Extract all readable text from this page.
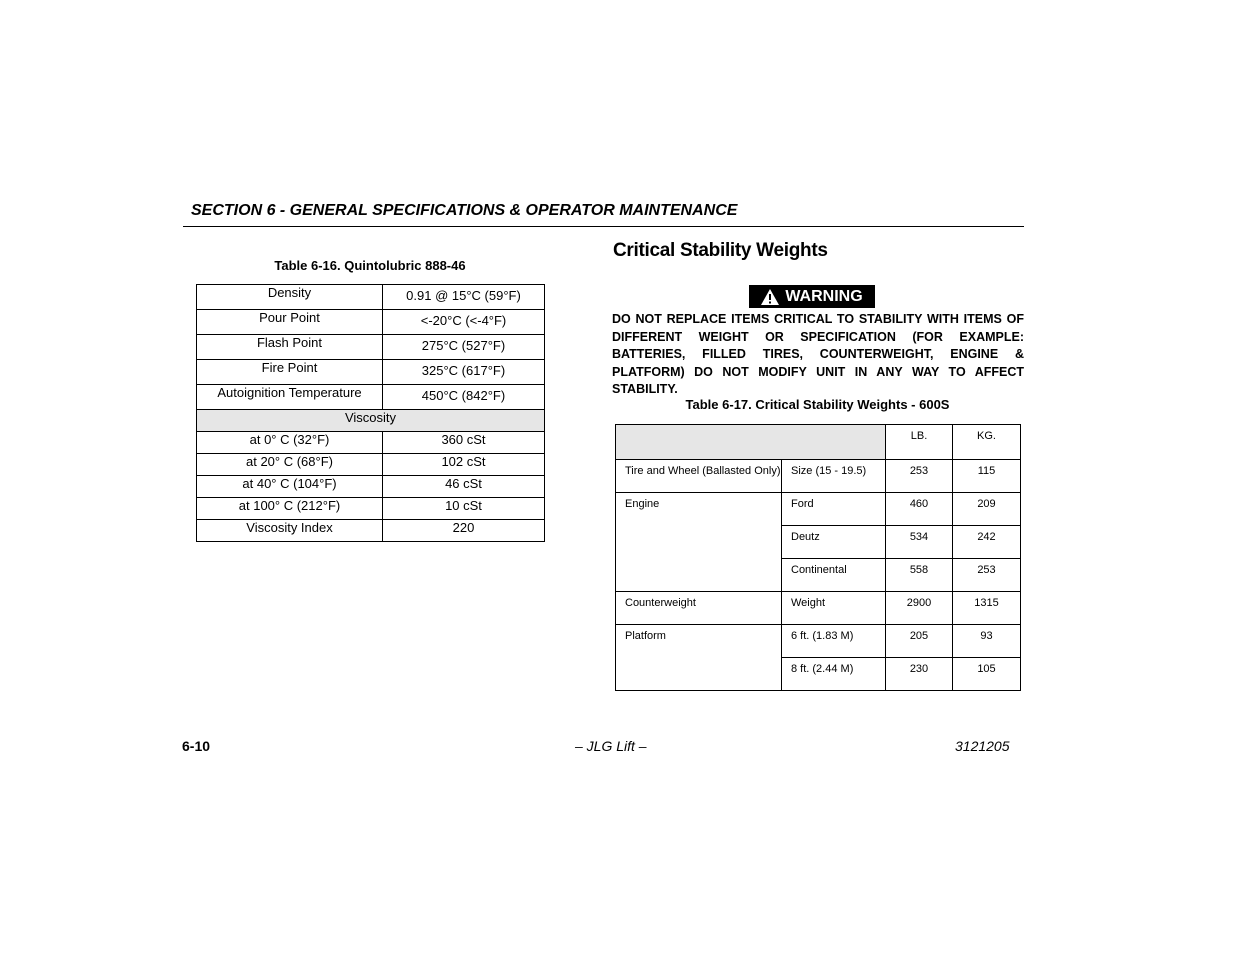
SECTION 6 - GENERAL SPECIFICATIONS & OPERATOR MAINTENANCE
Table 6-16. Quintolubric 888-46
Density	0.91 @ 15°C (59°F)
Pour Point	<-20°C (<-4°F)
Flash Point	275°C (527°F)
Fire Point	325°C (617°F)
Autoignition Temperature	450°C (842°F)
Viscosity	
at 0° C (32°F)	360 cSt
at 20° C (68°F)	102 cSt
at 40° C (104°F)	46 cSt
at 100° C (212°F)	10 cSt
Viscosity Index	220
Critical Stability Weights
WARNING
DO NOT REPLACE ITEMS CRITICAL TO STABILITY WITH ITEMS OF DIFFERENT WEIGHT OR SPECIFICATION (FOR EXAMPLE: BATTERIES, FILLED TIRES, COUNTERWEIGHT, ENGINE & PLATFORM) DO NOT MODIFY UNIT IN ANY WAY TO AFFECT STABILITY.
Table 6-17. Critical Stability Weights - 600S
		LB.	KG.
Tire and Wheel (Ballasted Only)	Size (15 - 19.5)	253	115
Engine	Ford	460	209
	Deutz	534	242
	Continental	558	253
Counterweight	Weight	2900	1315
Platform	6 ft. (1.83 M)	205	93
	8 ft. (2.44 M)	230	105
6-10	– JLG Lift –	3121205
